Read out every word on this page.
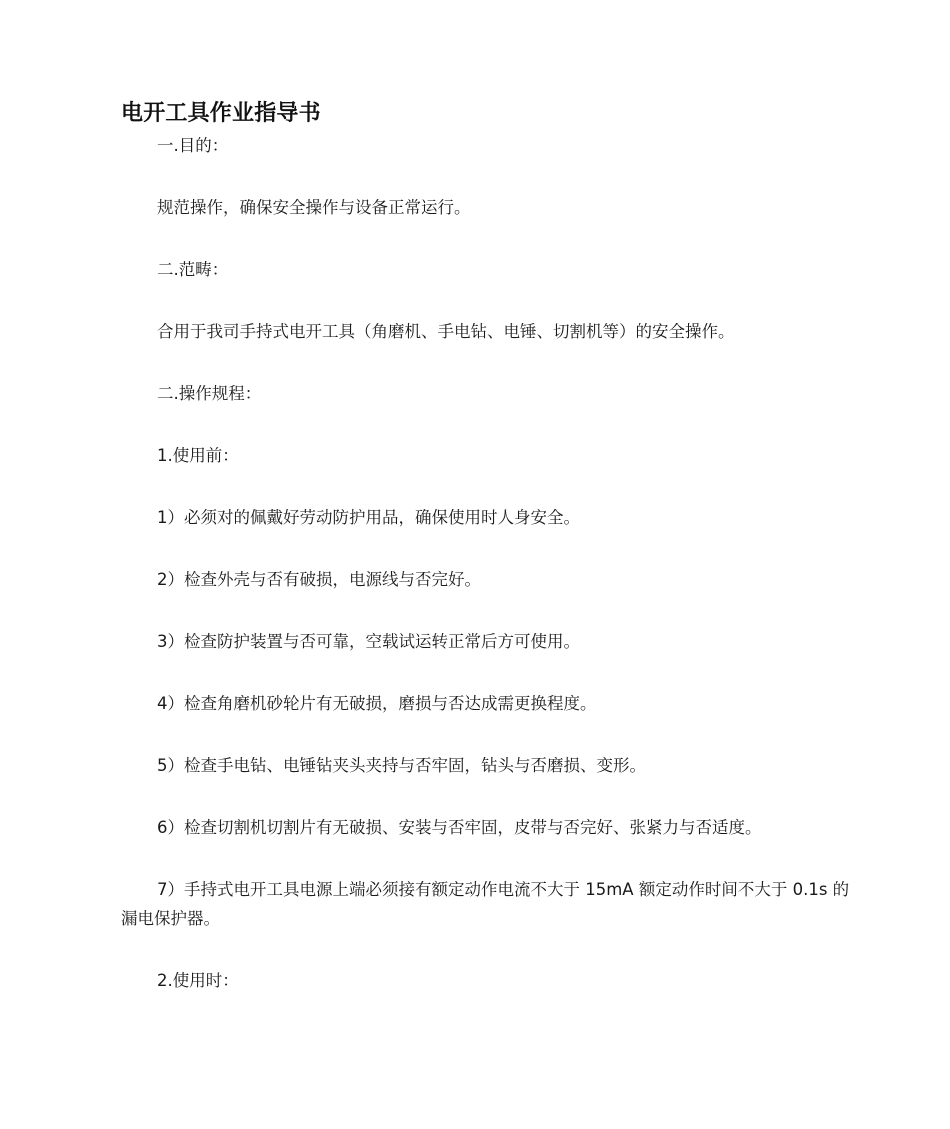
电开工具作业指导书

一.目的：

规范操作，确保安全操作与设备正常运行。

二.范畴：

合用于我司手持式电开工具（角磨机、手电钻、电锤、切割机等）的安全操作。

二.操作规程：

1.使用前：

1）必须对的佩戴好劳动防护用品，确保使用时人身安全。

2）检查外壳与否有破损，电源线与否完好。

3）检查防护装置与否可靠，空载试运转正常后方可使用。

4）检查角磨机砂轮片有无破损，磨损与否达成需更换程度。

5）检查手电钻、电锤钻夹头夹持与否牢固，钻头与否磨损、变形。

6）检查切割机切割片有无破损、安装与否牢固，皮带与否完好、张紧力与否适度。

7）手持式电开工具电源上端必须接有额定动作电流不大于 15mA 额定动作时间不大于 0.1s 的漏电保护器。

2.使用时：
